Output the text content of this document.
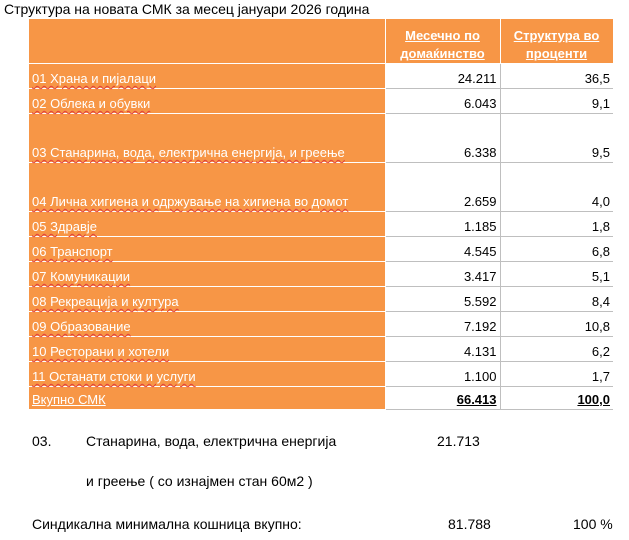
Структура на новата СМК за месец јануари 2026 година
	Месечно по домаќинство	Структура во проценти
01 Храна и пијалаци	24.211	36,5
02 Облека и обувки	6.043	9,1
03 Станарина, вода, електрична енергија, и греење	6.338	9,5
04 Лична хигиена и одржување на хигиена во домот	2.659	4,0
05 Здравје	1.185	1,8
06 Транспорт	4.545	6,8
07 Комуникации	3.417	5,1
08 Рекреација и култура	5.592	8,4
09 Образование	7.192	10,8
10 Ресторани и хотели	4.131	6,2
11 Останати стоки и услуги	1.100	1,7
Вкупно СМК	66.413	100,0
03. Станарина, вода, електрична енергија	21.713
и греење ( со изнајмен стан 60м2 )
Синдикална минимална кошница вкупно:	81.788	100 %
